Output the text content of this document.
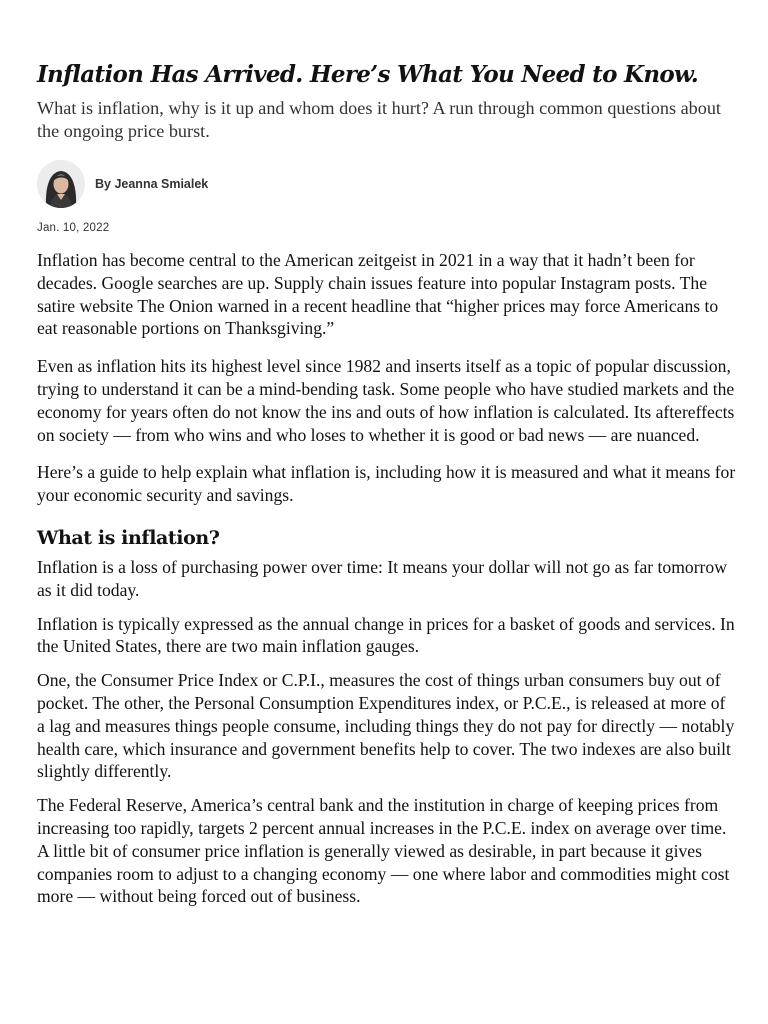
Inflation Has Arrived. Here’s What You Need to Know.

What is inflation, why is it up and whom does it hurt? A run through common questions about the ongoing price burst.

By Jeanna Smialek
Jan. 10, 2022

Inflation has become central to the American zeitgeist in 2021 in a way that it hadn’t been for decades. Google searches are up. Supply chain issues feature into popular Instagram posts. The satire website The Onion warned in a recent headline that “higher prices may force Americans to eat reasonable portions on Thanksgiving.”

Even as inflation hits its highest level since 1982 and inserts itself as a topic of popular discussion, trying to understand it can be a mind-bending task. Some people who have studied markets and the economy for years often do not know the ins and outs of how inflation is calculated. Its aftereffects on society — from who wins and who loses to whether it is good or bad news — are nuanced.

Here’s a guide to help explain what inflation is, including how it is measured and what it means for your economic security and savings.

What is inflation?

Inflation is a loss of purchasing power over time: It means your dollar will not go as far tomorrow as it did today.

Inflation is typically expressed as the annual change in prices for a basket of goods and services. In the United States, there are two main inflation gauges.

One, the Consumer Price Index or C.P.I., measures the cost of things urban consumers buy out of pocket. The other, the Personal Consumption Expenditures index, or P.C.E., is released at more of a lag and measures things people consume, including things they do not pay for directly — notably health care, which insurance and government benefits help to cover. The two indexes are also built slightly differently.

The Federal Reserve, America’s central bank and the institution in charge of keeping prices from increasing too rapidly, targets 2 percent annual increases in the P.C.E. index on average over time. A little bit of consumer price inflation is generally viewed as desirable, in part because it gives companies room to adjust to a changing economy — one where labor and commodities might cost more — without being forced out of business.
